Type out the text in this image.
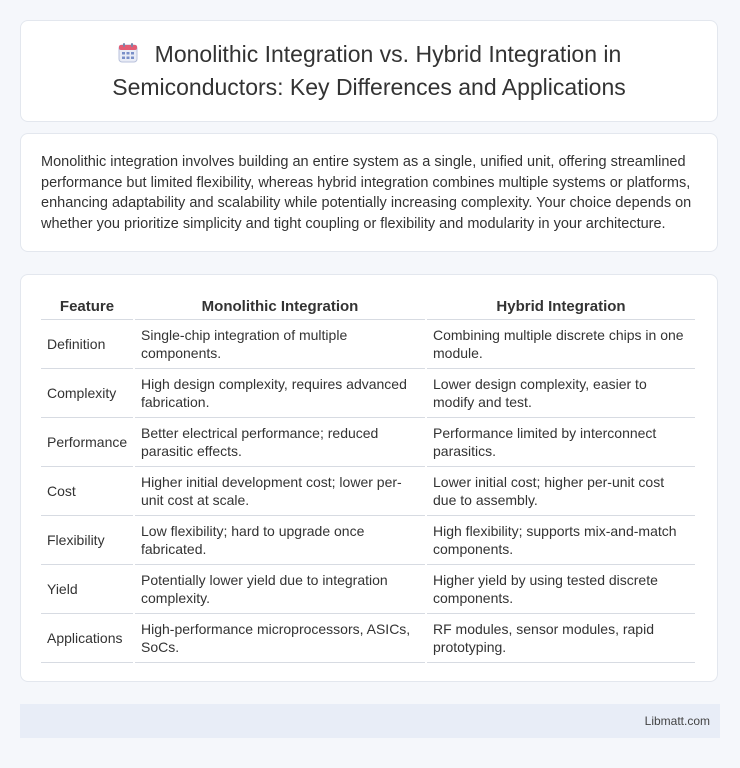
Monolithic Integration vs. Hybrid Integration in Semiconductors: Key Differences and Applications

Monolithic integration involves building an entire system as a single, unified unit, offering streamlined performance but limited flexibility, whereas hybrid integration combines multiple systems or platforms, enhancing adaptability and scalability while potentially increasing complexity. Your choice depends on whether you prioritize simplicity and tight coupling or flexibility and modularity in your architecture.

Feature	Monolithic Integration	Hybrid Integration
Definition	Single-chip integration of multiple components.	Combining multiple discrete chips in one module.
Complexity	High design complexity, requires advanced fabrication.	Lower design complexity, easier to modify and test.
Performance	Better electrical performance; reduced parasitic effects.	Performance limited by interconnect parasitics.
Cost	Higher initial development cost; lower per-unit cost at scale.	Lower initial cost; higher per-unit cost due to assembly.
Flexibility	Low flexibility; hard to upgrade once fabricated.	High flexibility; supports mix-and-match components.
Yield	Potentially lower yield due to integration complexity.	Higher yield by using tested discrete components.
Applications	High-performance microprocessors, ASICs, SoCs.	RF modules, sensor modules, rapid prototyping.
Libmatt.com
